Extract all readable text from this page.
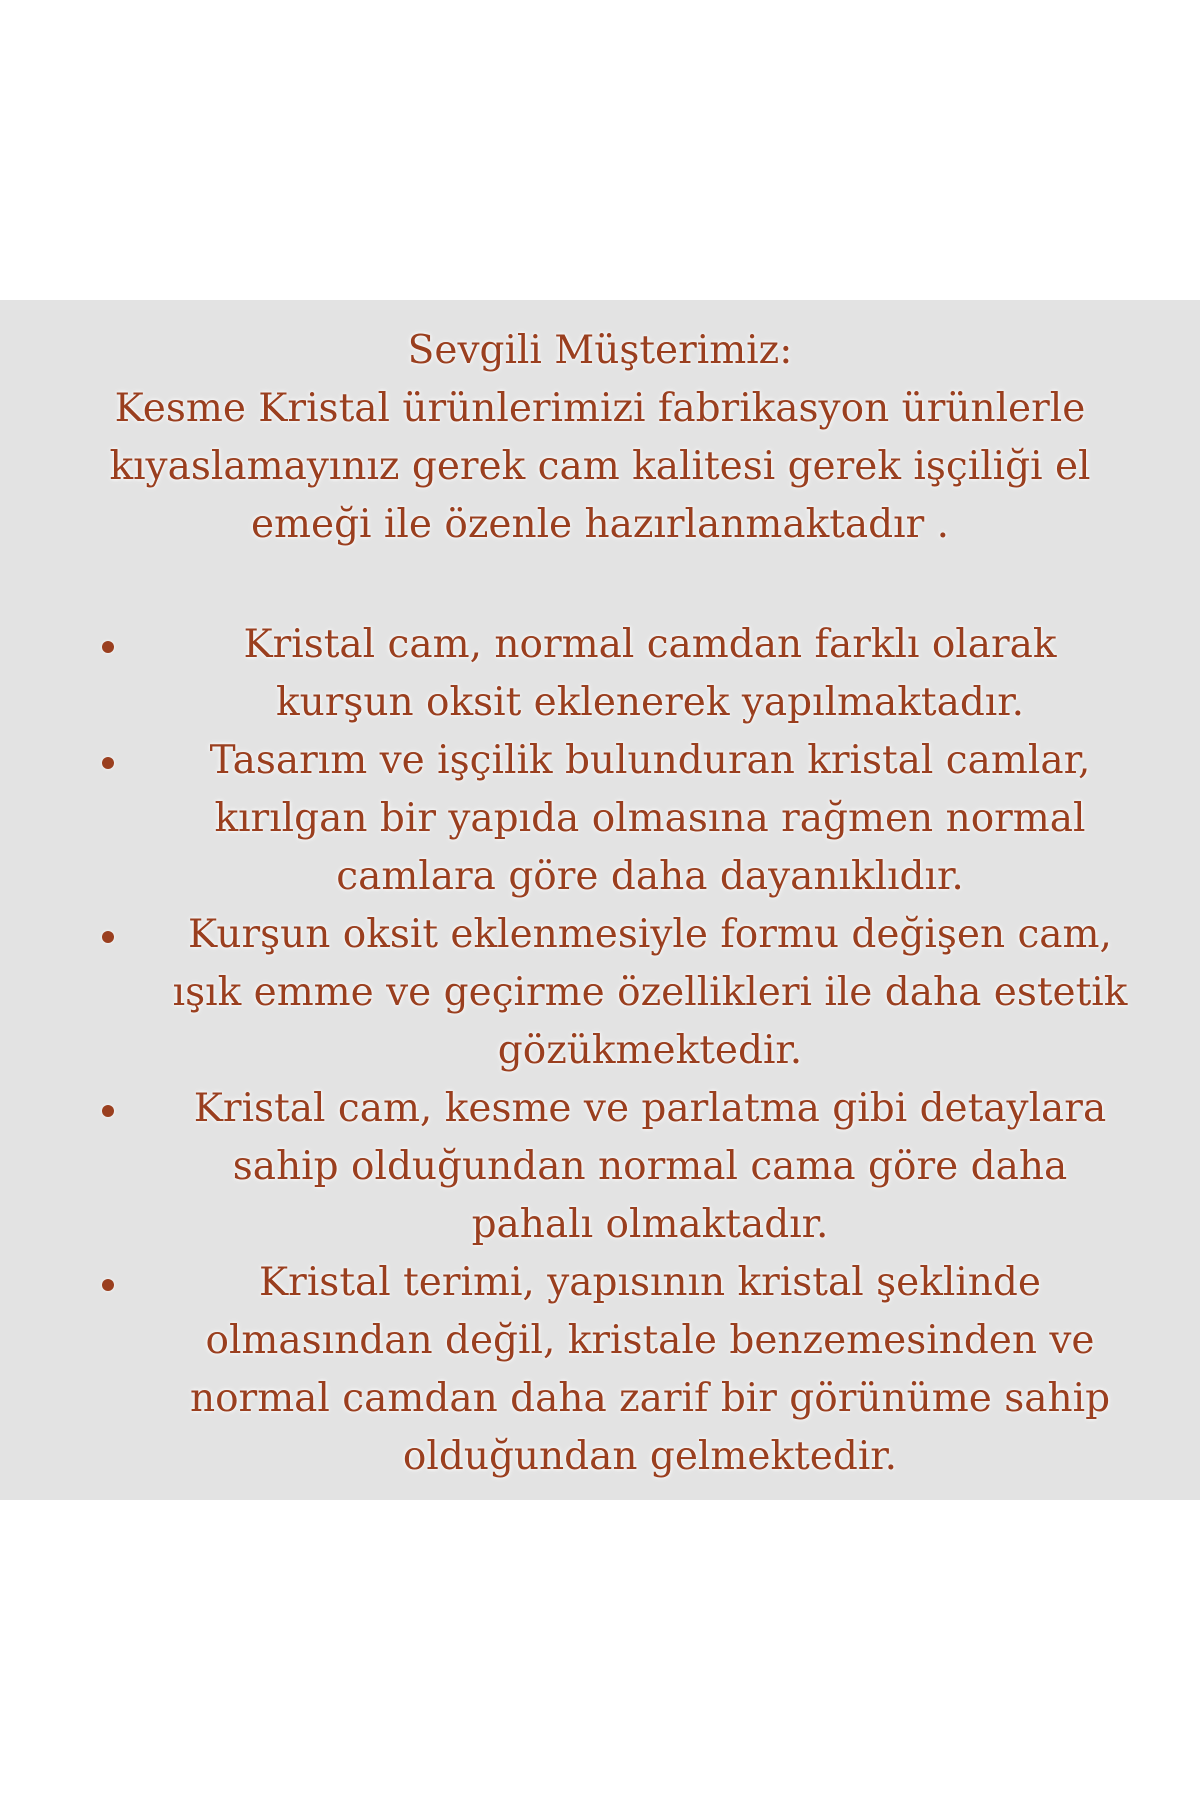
Sevgili Müşterimiz:

Kesme Kristal ürünlerimizi fabrikasyon ürünlerle
kıyaslamayınız gerek cam kalitesi gerek işçiliği el
emeği ile özenle hazırlanmaktadır .
Kristal cam, normal camdan farklı olarak
kurşun oksit eklenerek yapılmaktadır.
Tasarım ve işçilik bulunduran kristal camlar,
kırılgan bir yapıda olmasına rağmen normal
camlara göre daha dayanıklıdır.
Kurşun oksit eklenmesiyle formu değişen cam,
ışık emme ve geçirme özellikleri ile daha estetik
gözükmektedir.
Kristal cam, kesme ve parlatma gibi detaylara
sahip olduğundan normal cama göre daha
pahalı olmaktadır.
Kristal terimi, yapısının kristal şeklinde
olmasından değil, kristale benzemesinden ve
normal camdan daha zarif bir görünüme sahip
olduğundan gelmektedir.
